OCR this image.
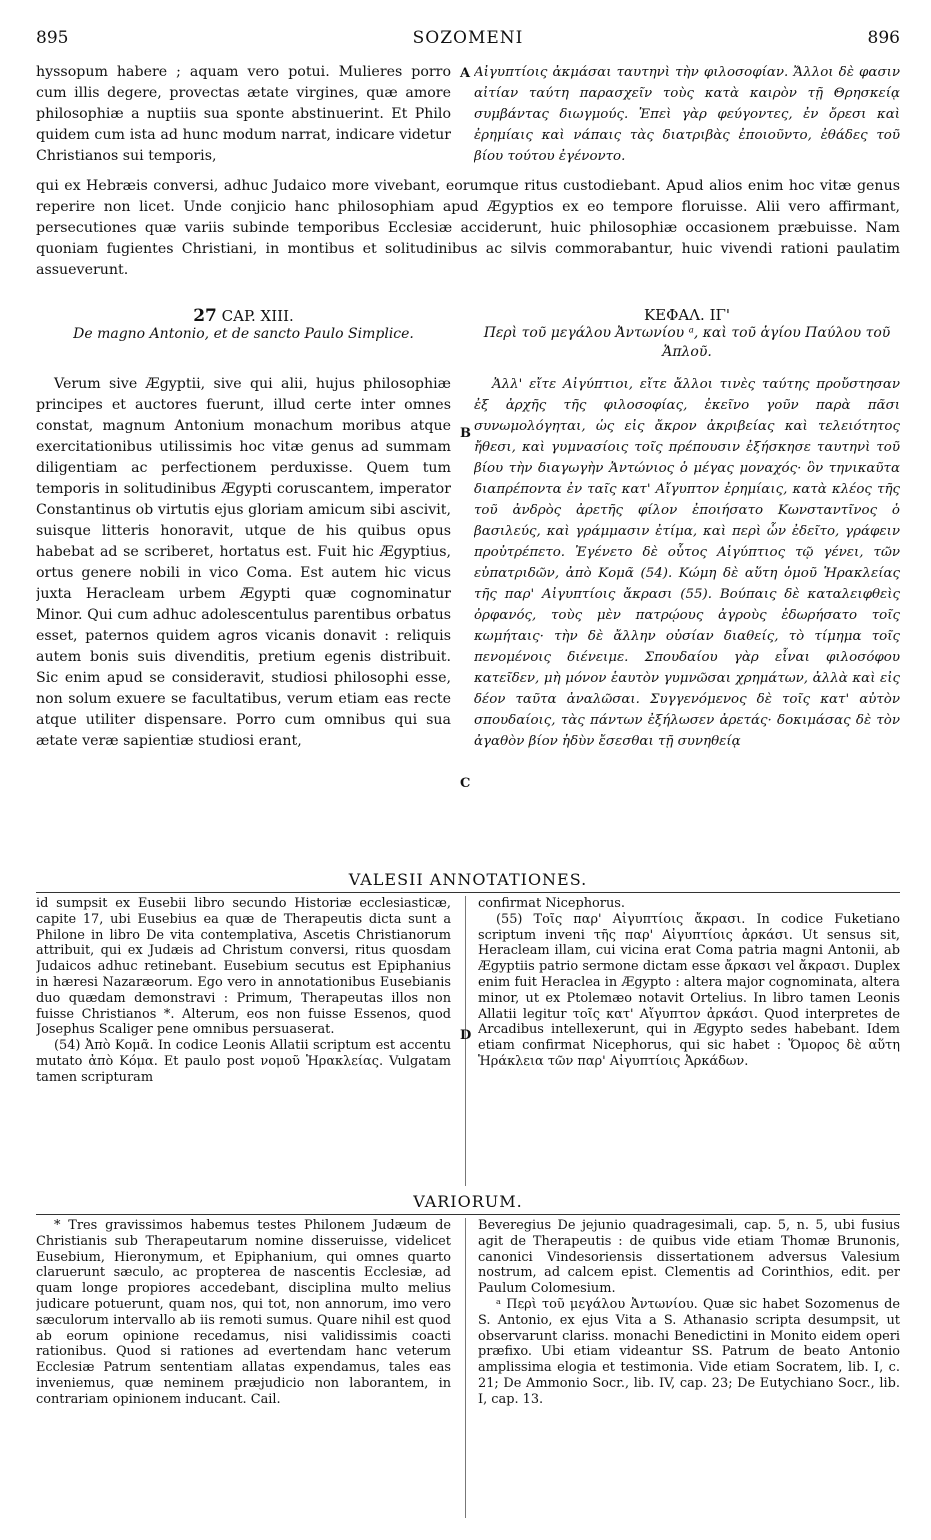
895	SOZOMENI	896

hyssopum habere ; aquam vero potui. Mulieres porro cum illis degere, provectas ætate virgines, quæ amore philosophiæ a nuptiis sua sponte abstinuerint. Et Philo quidem cum ista ad hunc modum narrat, indicare videtur Christianos sui temporis,

Αἰγυπτίοις ἀκμάσαι ταυτηνὶ τὴν φιλοσοφίαν. Ἄλλοι δὲ φασιν αἰτίαν ταύτη παρασχεῖν τοὺς κατὰ καιρὸν τῇ Θρησκείᾳ συμβάντας διωγμούς. Ἐπεὶ γὰρ φεύγοντες, ἐν ὄρεσι καὶ ἐρημίαις καὶ νάπαις τὰς διατριβὰς ἐποιοῦντο, ἐθάδες τοῦ βίου τούτου ἐγένοντο.

A

qui ex Hebræis conversi, adhuc Judaico more vivebant, eorumque ritus custodiebant. Apud alios enim hoc vitæ genus reperire non licet. Unde conjicio hanc philosophiam apud Ægyptios ex eo tempore floruisse. Alii vero affirmant, persecutiones quæ variis subinde temporibus Ecclesiæ acciderunt, huic philosophiæ occasionem præbuisse. Nam quoniam fugientes Christiani, in montibus et solitudinibus ac silvis commorabantur, huic vivendi rationi paulatim assueverunt.

27 CAP. XIII.
De magno Antonio, et de sancto Paulo Simplice.
ΚΕΦΑΛ. ΙΓ'
Περὶ τοῦ μεγάλου Ἀντωνίου ᵃ, καὶ τοῦ ἁγίου Παύλου τοῦ Ἁπλοῦ.

Verum sive Ægyptii, sive qui alii, hujus philosophiæ principes et auctores fuerunt, illud certe inter omnes constat, magnum Antonium monachum moribus atque exercitationibus utilissimis hoc vitæ genus ad summam diligentiam ac perfectionem perduxisse. Quem tum temporis in solitudinibus Ægypti coruscantem, imperator Constantinus ob virtutis ejus gloriam amicum sibi ascivit, suisque litteris honoravit, utque de his quibus opus habebat ad se scriberet, hortatus est. Fuit hic Ægyptius, ortus genere nobili in vico Coma. Est autem hic vicus juxta Heracleam urbem Ægypti quæ cognominatur Minor. Qui cum adhuc adolescentulus parentibus orbatus esset, paternos quidem agros vicanis donavit : reliquis autem bonis suis divenditis, pretium egenis distribuit. Sic enim apud se consideravit, studiosi philosophi esse, non solum exuere se facultatibus, verum etiam eas recte atque utiliter dispensare. Porro cum omnibus qui sua ætate veræ sapientiæ studiosi erant,

Ἀλλ' εἴτε Αἰγύπτιοι, εἴτε ἄλλοι τινὲς ταύτης προὔστησαν ἐξ ἀρχῆς τῆς φιλοσοφίας, ἐκεῖνο γοῦν παρὰ πᾶσι συνωμολόγηται, ὡς εἰς ἄκρον ἀκριβείας καὶ τελειότητος ἤθεσι, καὶ γυμνασίοις τοῖς πρέπουσιν ἐξήσκησε ταυτηνὶ τοῦ βίου τὴν διαγωγὴν Ἀντώνιος ὁ μέγας μοναχός· ὃν τηνικαῦτα διαπρέποντα ἐν ταῖς κατ' Αἴγυπτον ἐρημίαις, κατὰ κλέος τῆς τοῦ ἀνδρὸς ἀρετῆς φίλον ἐποιήσατο Κωνσταντῖνος ὁ βασιλεύς, καὶ γράμμασιν ἐτίμα, καὶ περὶ ὧν ἐδεῖτο, γράφειν προὐτρέπετο. Ἐγένετο δὲ οὗτος Αἰγύπτιος τῷ γένει, τῶν εὐπατριδῶν, ἀπὸ Κομᾶ (54). Κώμη δὲ αὕτη ὁμοῦ Ἡρακλείας τῆς παρ' Αἰγυπτίοις ἄκρασι (55). Βούπαις δὲ καταλειφθεὶς ὀρφανός, τοὺς μὲν πατρῴους ἀγροὺς ἐδωρήσατο τοῖς κωμήταις· τὴν δὲ ἄλλην οὐσίαν διαθείς, τὸ τίμημα τοῖς πενομένοις διένειμε. Σπουδαίου γὰρ εἶναι φιλοσόφου κατεῖδεν, μὴ μόνον ἑαυτὸν γυμνῶσαι χρημάτων, ἀλλὰ καὶ εἰς δέον ταῦτα ἀναλῶσαι. Συγγενόμενος δὲ τοῖς κατ' αὐτὸν σπουδαίοις, τὰς πάντων ἐξήλωσεν ἀρετάς· δοκιμάσας δὲ τὸν ἀγαθὸν βίον ἡδὺν ἔσεσθαι τῇ συνηθείᾳ

B
C
VALESII ANNOTATIONES.

id sumpsit ex Eusebii libro secundo Historiæ ecclesiasticæ, capite 17, ubi Eusebius ea quæ de Therapeutis dicta sunt a Philone in libro De vita contemplativa, Ascetis Christianorum attribuit, qui ex Judæis ad Christum conversi, ritus quosdam Judaicos adhuc retinebant. Eusebium secutus est Epiphanius in hæresi Nazaræorum. Ego vero in annotationibus Eusebianis duo quædam demonstravi : Primum, Therapeutas illos non fuisse Christianos *. Alterum, eos non fuisse Essenos, quod Josephus Scaliger pene omnibus persuaserat.

(54) Ἀπὸ Κομᾶ. In codice Leonis Allatii scriptum est accentu mutato ἀπὸ Κόμα. Et paulo post νομοῦ Ἡρακλείας. Vulgatam tamen scripturam

confirmat Nicephorus.

(55) Τοῖς παρ' Αἰγυπτίοις ἄκρασι. In codice Fuketiano scriptum inveni τῆς παρ' Αἰγυπτίοις ἀρκάσι. Ut sensus sit, Heracleam illam, cui vicina erat Coma patria magni Antonii, ab Ægyptiis patrio sermone dictam esse ἄρκασι vel ἄκρασι. Duplex enim fuit Heraclea in Ægypto : altera major cognominata, altera minor, ut ex Ptolemæo notavit Ortelius. In libro tamen Leonis Allatii legitur τοῖς κατ' Αἴγυπτον ἀρκάσι. Quod interpretes de Arcadibus intellexerunt, qui in Ægypto sedes habebant. Idem etiam confirmat Nicephorus, qui sic habet : Ὅμορος δὲ αὕτη Ἡράκλεια τῶν παρ' Αἰγυπτίοις Ἀρκάδων.

D
VARIORUM.

* Tres gravissimos habemus testes Philonem Judæum de Christianis sub Therapeutarum nomine disseruisse, videlicet Eusebium, Hieronymum, et Epiphanium, qui omnes quarto claruerunt sæculo, ac propterea de nascentis Ecclesiæ, ad quam longe propiores accedebant, disciplina multo melius judicare potuerunt, quam nos, qui tot, non annorum, imo vero sæculorum intervallo ab iis remoti sumus. Quare nihil est quod ab eorum opinione recedamus, nisi validissimis coacti rationibus. Quod si rationes ad evertendam hanc veterum Ecclesiæ Patrum sententiam allatas expendamus, tales eas inveniemus, quæ neminem præjudicio non laborantem, in contrariam opinionem inducant. Cail.

Beveregius De jejunio quadragesimali, cap. 5, n. 5, ubi fusius agit de Therapeutis : de quibus vide etiam Thomæ Brunonis, canonici Vindesoriensis dissertationem adversus Valesium nostrum, ad calcem epist. Clementis ad Corinthios, edit. per Paulum Colomesium.

ᵃ Περὶ τοῦ μεγάλου Ἀντωνίου. Quæ sic habet Sozomenus de S. Antonio, ex ejus Vita a S. Athanasio scripta desumpsit, ut observarunt clariss. monachi Benedictini in Monito eidem operi præfixo. Ubi etiam videantur SS. Patrum de beato Antonio amplissima elogia et testimonia. Vide etiam Socratem, lib. I, c. 21; De Ammonio Socr., lib. IV, cap. 23; De Eutychiano Socr., lib. I, cap. 13.
